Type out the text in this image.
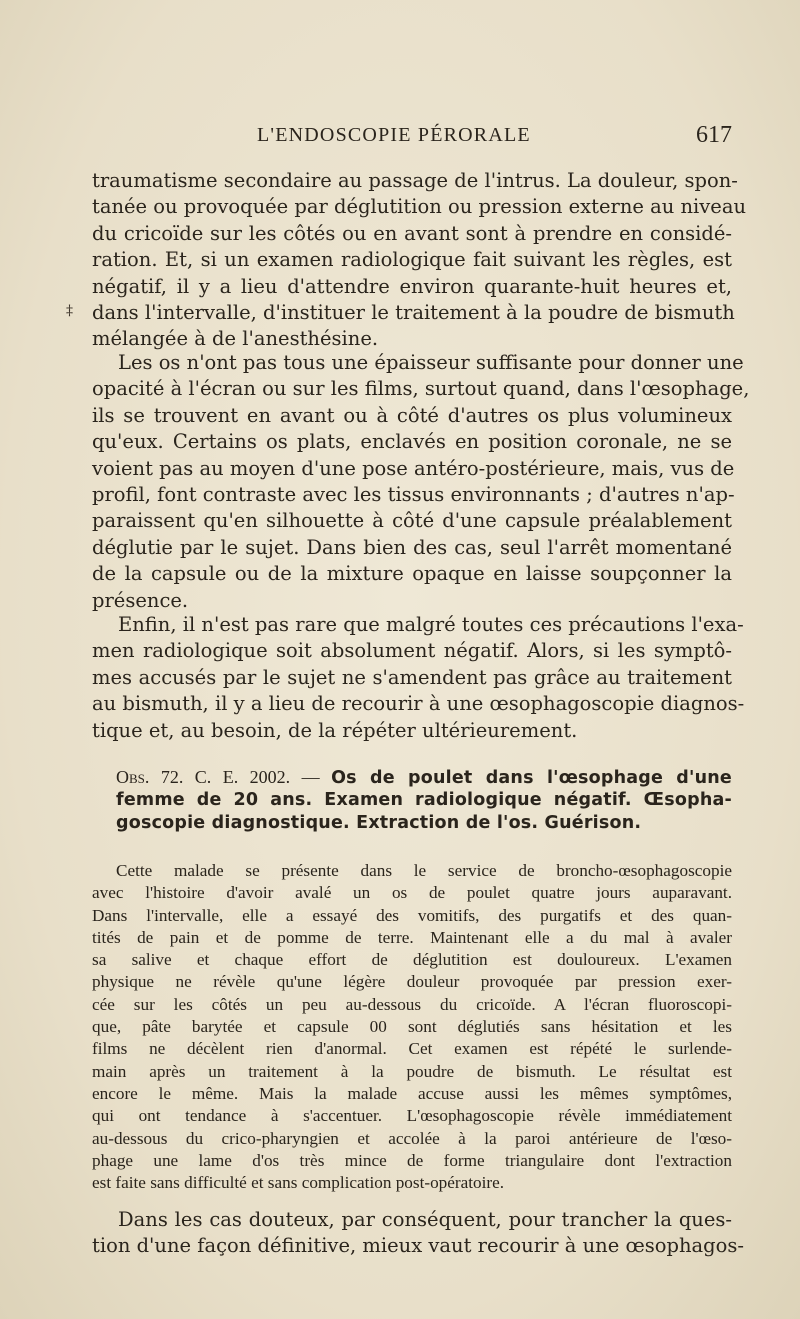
L'ENDOSCOPIE PÉRORALE	617
‡
traumatisme secondaire au passage de l'intrus. La douleur, spon-
tanée ou provoquée par déglutition ou pression externe au niveau
du cricoïde sur les côtés ou en avant sont à prendre en considé-
ration. Et, si un examen radiologique fait suivant les règles, est
négatif, il y a lieu d'attendre environ quarante-huit heures et,
dans l'intervalle, d'instituer le traitement à la poudre de bismuth
mélangée à de l'anesthésine.
Les os n'ont pas tous une épaisseur suffisante pour donner une
opacité à l'écran ou sur les films, surtout quand, dans l'œsophage,
ils se trouvent en avant ou à côté d'autres os plus volumineux
qu'eux. Certains os plats, enclavés en position coronale, ne se
voient pas au moyen d'une pose antéro-postérieure, mais, vus de
profil, font contraste avec les tissus environnants ; d'autres n'ap-
paraissent qu'en silhouette à côté d'une capsule préalablement
déglutie par le sujet. Dans bien des cas, seul l'arrêt momentané
de la capsule ou de la mixture opaque en laisse soupçonner la
présence.
Enfin, il n'est pas rare que malgré toutes ces précautions l'exa-
men radiologique soit absolument négatif. Alors, si les symptô-
mes accusés par le sujet ne s'amendent pas grâce au traitement
au bismuth, il y a lieu de recourir à une œsophagoscopie diagnos-
tique et, au besoin, de la répéter ultérieurement.
Obs. 72. C. E. 2002. — Os de poulet dans l'œsophage d'une
femme de 20 ans. Examen radiologique négatif. Œsopha-
goscopie diagnostique. Extraction de l'os. Guérison.
Cette malade se présente dans le service de broncho-œsophagoscopie
avec l'histoire d'avoir avalé un os de poulet quatre jours auparavant.
Dans l'intervalle, elle a essayé des vomitifs, des purgatifs et des quan-
tités de pain et de pomme de terre. Maintenant elle a du mal à avaler
sa salive et chaque effort de déglutition est douloureux. L'examen
physique ne révèle qu'une légère douleur provoquée par pression exer-
cée sur les côtés un peu au-dessous du cricoïde. A l'écran fluoroscopi-
que, pâte barytée et capsule 00 sont déglutiés sans hésitation et les
films ne décèlent rien d'anormal. Cet examen est répété le surlende-
main après un traitement à la poudre de bismuth. Le résultat est
encore le même. Mais la malade accuse aussi les mêmes symptômes,
qui ont tendance à s'accentuer. L'œsophagoscopie révèle immédiatement
au-dessous du crico-pharyngien et accolée à la paroi antérieure de l'œso-
phage une lame d'os très mince de forme triangulaire dont l'extraction
est faite sans difficulté et sans complication post-opératoire.
Dans les cas douteux, par conséquent, pour trancher la ques-
tion d'une façon définitive, mieux vaut recourir à une œsophagos-
